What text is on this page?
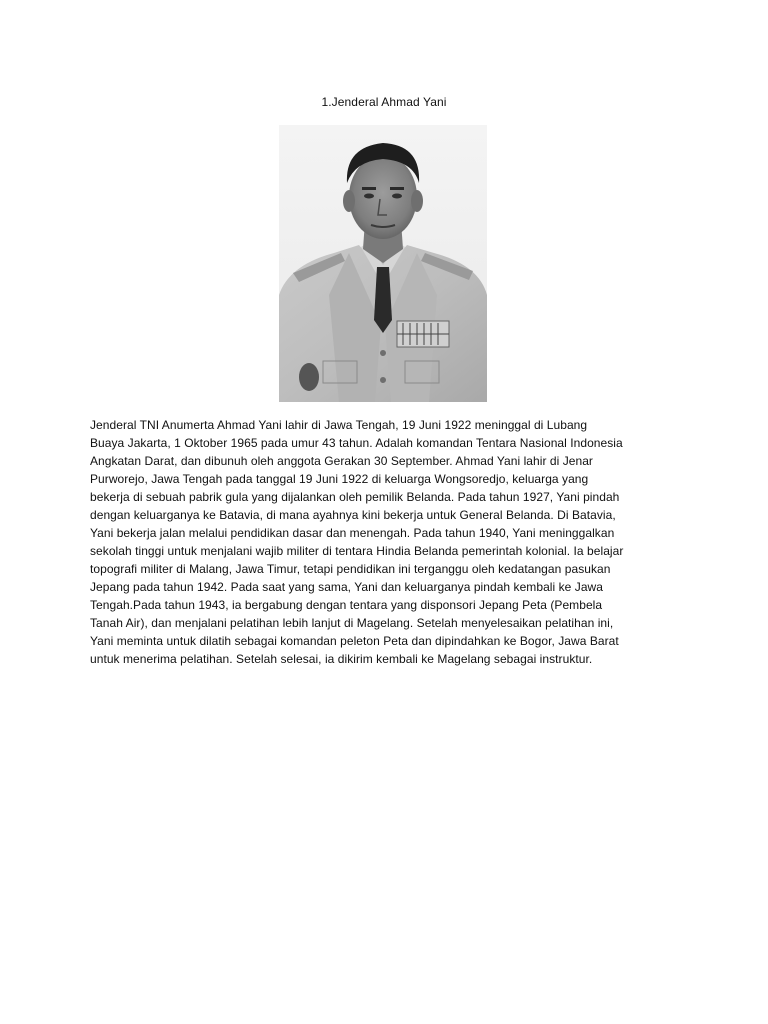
1.Jenderal Ahmad Yani
Jenderal TNI Anumerta Ahmad Yani lahir di Jawa Tengah, 19 Juni 1922 meninggal di Lubang
Buaya Jakarta, 1 Oktober 1965 pada umur 43 tahun. Adalah komandan Tentara Nasional Indonesia
Angkatan Darat, dan dibunuh oleh anggota Gerakan 30 September. Ahmad Yani lahir di Jenar
Purworejo, Jawa Tengah pada tanggal 19 Juni 1922 di keluarga Wongsoredjo, keluarga yang
bekerja di sebuah pabrik gula yang dijalankan oleh pemilik Belanda. Pada tahun 1927, Yani pindah
dengan keluarganya ke Batavia, di mana ayahnya kini bekerja untuk General Belanda. Di Batavia,
Yani bekerja jalan melalui pendidikan dasar dan menengah. Pada tahun 1940, Yani meninggalkan
sekolah tinggi untuk menjalani wajib militer di tentara Hindia Belanda pemerintah kolonial. Ia belajar
topografi militer di Malang, Jawa Timur, tetapi pendidikan ini terganggu oleh kedatangan pasukan
Jepang pada tahun 1942. Pada saat yang sama, Yani dan keluarganya pindah kembali ke Jawa
Tengah.Pada tahun 1943, ia bergabung dengan tentara yang disponsori Jepang Peta (Pembela
Tanah Air), dan menjalani pelatihan lebih lanjut di Magelang. Setelah menyelesaikan pelatihan ini,
Yani meminta untuk dilatih sebagai komandan peleton Peta dan dipindahkan ke Bogor, Jawa Barat
untuk menerima pelatihan. Setelah selesai, ia dikirim kembali ke Magelang sebagai instruktur.
